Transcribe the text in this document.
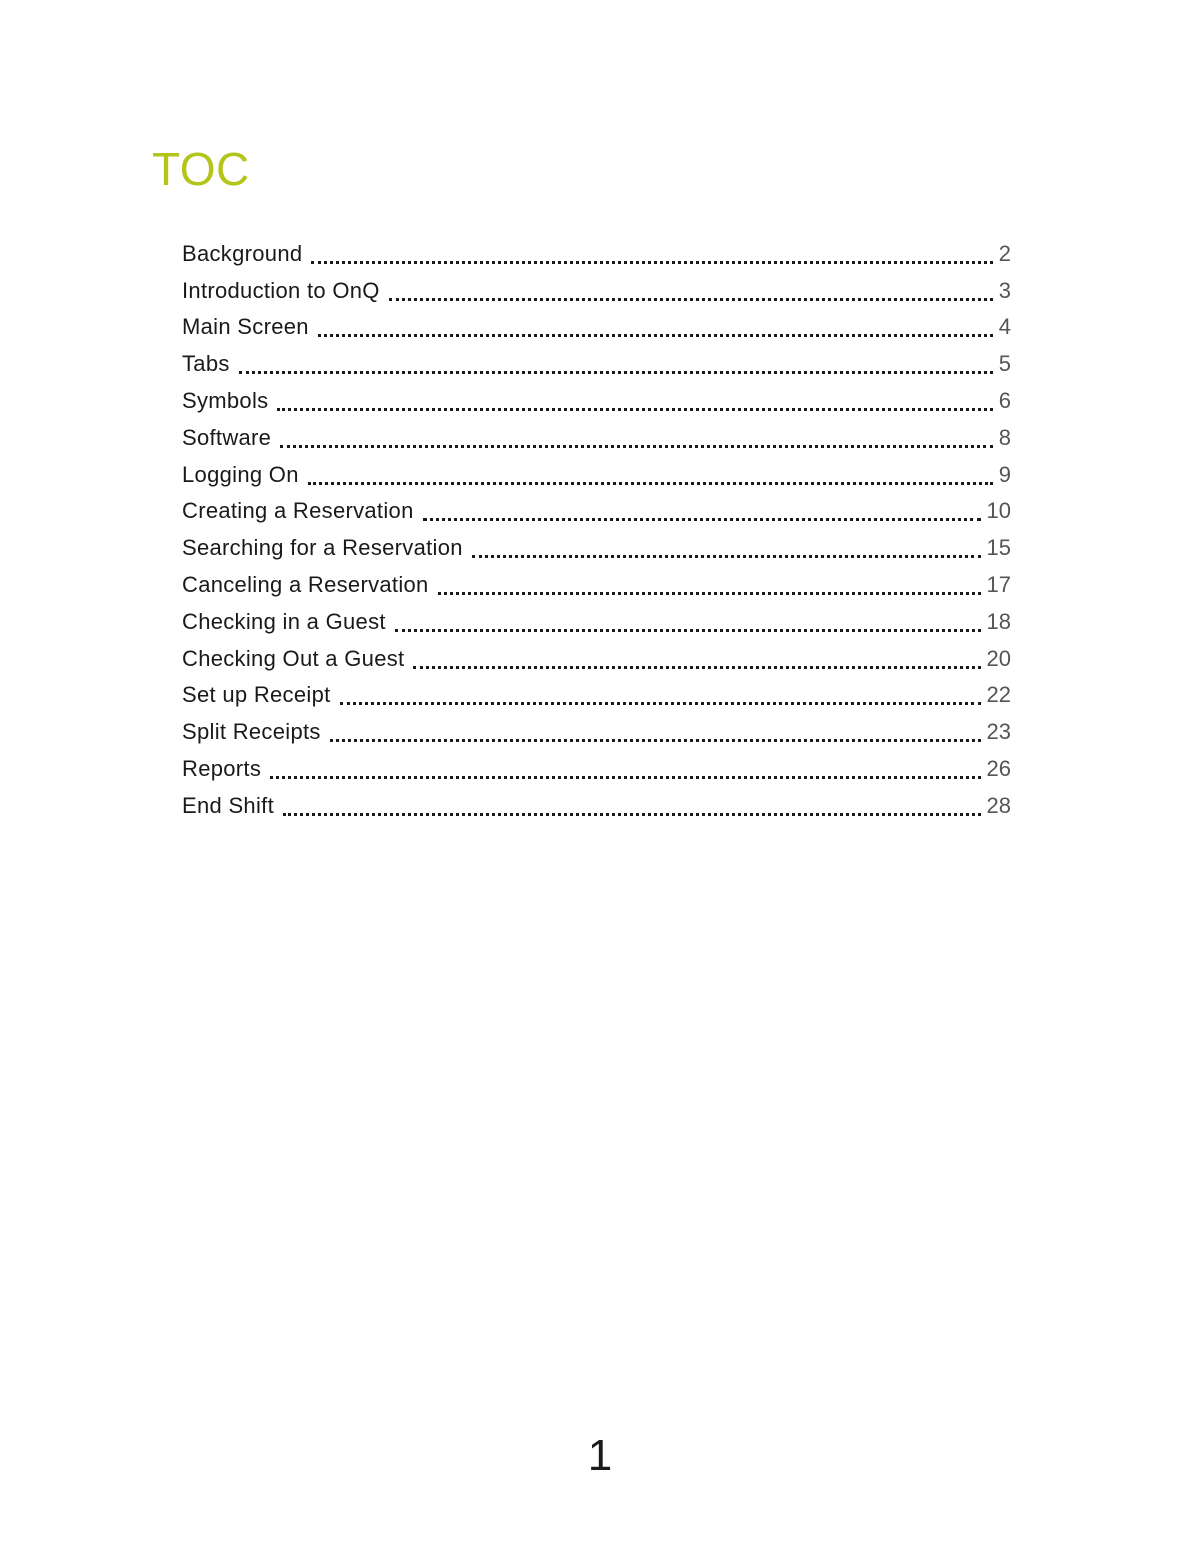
TOC
Background	2
Introduction to OnQ	3
Main Screen	4
Tabs	5
Symbols	6
Software	8
Logging On	9
Creating a Reservation	10
Searching for a Reservation	15
Canceling a Reservation	17
Checking in a Guest	18
Checking Out a Guest	20
Set up Receipt	22
Split Receipts	23
Reports	26
End Shift	28

1
